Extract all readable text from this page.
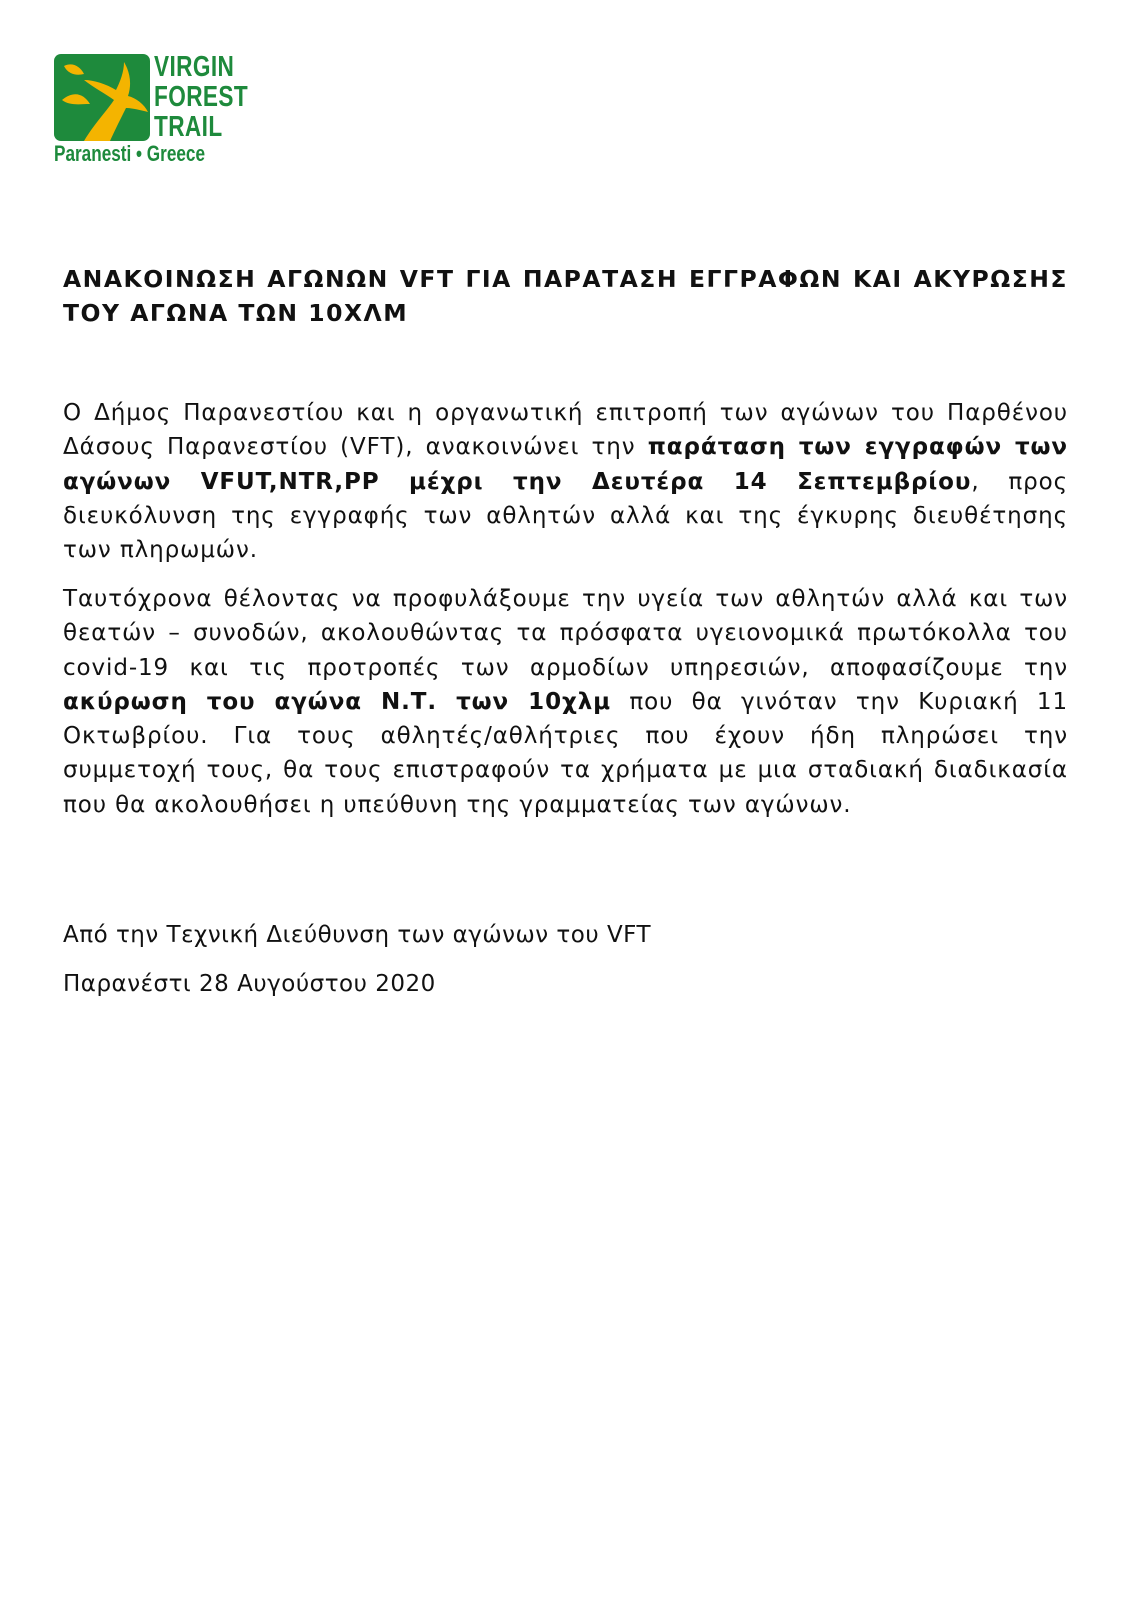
VIRGIN
FOREST
TRAIL
Paranesti • Greece
ΑΝΑΚΟΙΝΩΣΗ ΑΓΩΝΩΝ VFT ΓΙΑ ΠΑΡΑΤΑΣΗ ΕΓΓΡΑΦΩΝ ΚΑΙ ΑΚΥΡΩΣΗΣ ΤΟΥ ΑΓΩΝΑ ΤΩΝ 10ΧΛΜ

Ο Δήμος Παρανεστίου και η οργανωτική επιτροπή των αγώνων του Παρθένου Δάσους Παρανεστίου (VFT), ανακοινώνει την παράταση των εγγραφών των αγώνων VFUT,NTR,PP μέχρι την Δευτέρα 14 Σεπτεμβρίου, προς διευκόλυνση της εγγραφής των αθλητών αλλά και της έγκυρης διευθέτησης των πληρωμών.

Ταυτόχρονα θέλοντας να προφυλάξουμε την υγεία των αθλητών αλλά και των θεατών – συνοδών, ακολουθώντας τα πρόσφατα υγειονομικά πρωτόκολλα του covid-19 και τις προτροπές των αρμοδίων υπηρεσιών, αποφασίζουμε την ακύρωση του αγώνα Ν.Τ. των 10χλμ που θα γινόταν την Κυριακή 11 Οκτωβρίου. Για τους αθλητές/αθλήτριες που έχουν ήδη πληρώσει την συμμετοχή τους, θα τους επιστραφούν τα χρήματα με μια σταδιακή διαδικασία που θα ακολουθήσει η υπεύθυνη της γραμματείας των αγώνων.

Από την Τεχνική Διεύθυνση των αγώνων του VFT

Παρανέστι 28 Αυγούστου 2020
